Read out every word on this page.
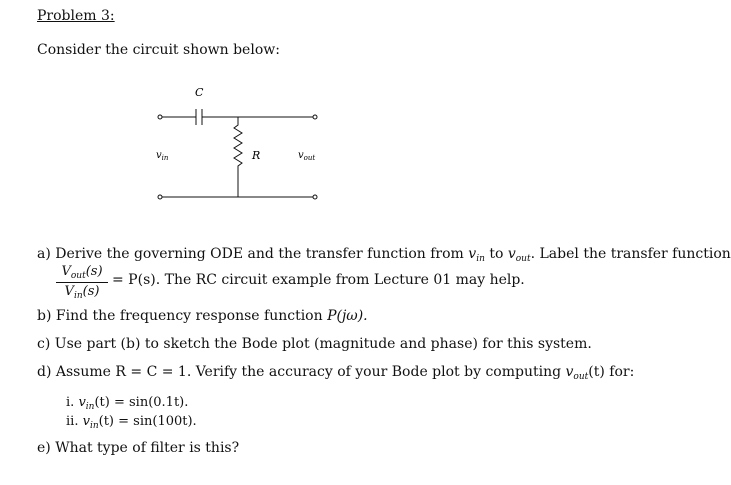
Problem 3:
Consider the circuit shown below:
C
R
$v_{in}$	$v_{out}$
a) Derive the governing ODE and the transfer function from $v_{in}$ to $v_{out}$. Label the transfer function
$V_{out}(s)$
$V_{in}(s)$
= P(s). The RC circuit example from Lecture 01 may help.
b) Find the frequency response function P(jω).
c) Use part (b) to sketch the Bode plot (magnitude and phase) for this system.
d) Assume R = C = 1. Verify the accuracy of your Bode plot by computing $v_{out}(t)$ for:
i. $v_{in}(t) = \sin(0.1t)$.
ii. $v_{in}(t) = \sin(100t)$.
e) What type of filter is this?
